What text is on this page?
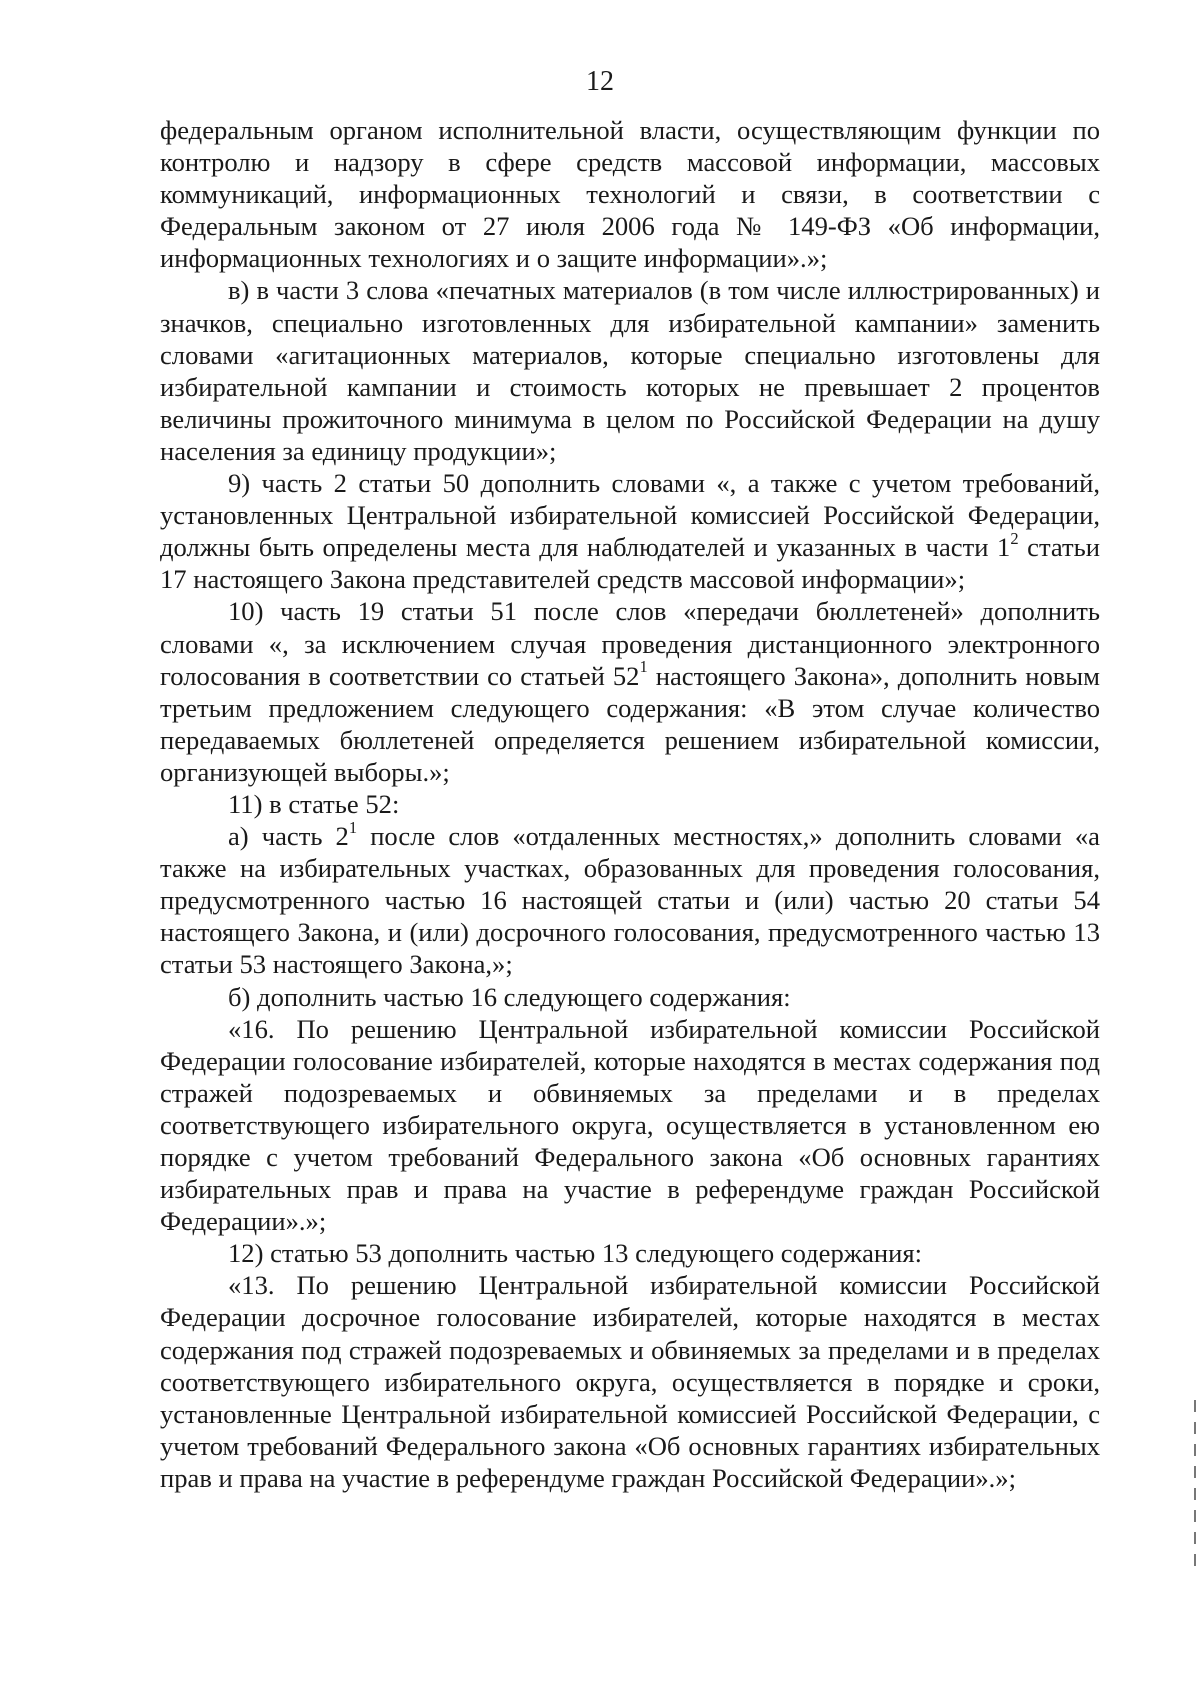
12

федеральным органом исполнительной власти, осуществляющим функции по контролю и надзору в сфере средств массовой информации, массовых коммуникаций, информационных технологий и связи, в соответствии с Федеральным законом от 27 июля 2006 года № 149-ФЗ «Об информации, информационных технологиях и о защите информации».»;

в) в части 3 слова «печатных материалов (в том числе иллюстрированных) и значков, специально изготовленных для избирательной кампании» заменить словами «агитационных материалов, которые специально изготовлены для избирательной кампании и стоимость которых не превышает 2 процентов величины прожиточного минимума в целом по Российской Федерации на душу населения за единицу продукции»;

9) часть 2 статьи 50 дополнить словами «, а также с учетом требований, установленных Центральной избирательной комиссией Российской Федерации, должны быть определены места для наблюдателей и указанных в части $1^2$ статьи 17 настоящего Закона представителей средств массовой информации»;

10) часть 19 статьи 51 после слов «передачи бюллетеней» дополнить словами «, за исключением случая проведения дистанционного электронного голосования в соответствии со статьей $52^1$ настоящего Закона», дополнить новым третьим предложением следующего содержания: «В этом случае количество передаваемых бюллетеней определяется решением избирательной комиссии, организующей выборы.»;

11) в статье 52:

а) часть $2^1$ после слов «отдаленных местностях,» дополнить словами «а также на избирательных участках, образованных для проведения голосования, предусмотренного частью 16 настоящей статьи и (или) частью 20 статьи 54 настоящего Закона, и (или) досрочного голосования, предусмотренного частью 13 статьи 53 настоящего Закона,»;

б) дополнить частью 16 следующего содержания:

«16. По решению Центральной избирательной комиссии Российской Федерации голосование избирателей, которые находятся в местах содержания под стражей подозреваемых и обвиняемых за пределами и в пределах соответствующего избирательного округа, осуществляется в установленном ею порядке с учетом требований Федерального закона «Об основных гарантиях избирательных прав и права на участие в референдуме граждан Российской Федерации».»;

12) статью 53 дополнить частью 13 следующего содержания:

«13. По решению Центральной избирательной комиссии Российской Федерации досрочное голосование избирателей, которые находятся в местах содержания под стражей подозреваемых и обвиняемых за пределами и в пределах соответствующего избирательного округа, осуществляется в порядке и сроки, установленные Центральной избирательной комиссией Российской Федерации, с учетом требований Федерального закона «Об основных гарантиях избирательных прав и права на участие в референдуме граждан Российской Федерации».»;
